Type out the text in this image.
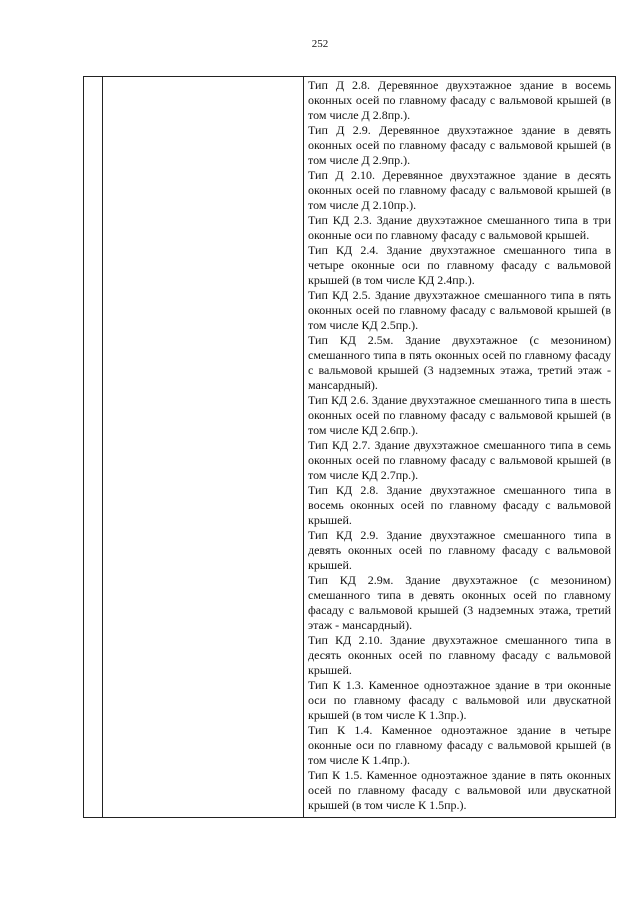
252

Тип Д 2.8. Деревянное двухэтажное здание в восемь оконных осей по главному фасаду с вальмовой крышей (в том числе Д 2.8пр.).

Тип Д 2.9. Деревянное двухэтажное здание в девять оконных осей по главному фасаду с вальмовой крышей (в том числе Д 2.9пр.).

Тип Д 2.10. Деревянное двухэтажное здание в десять оконных осей по главному фасаду с вальмовой крышей (в том числе Д 2.10пр.).

Тип КД 2.3. Здание двухэтажное смешанного типа в три оконные оси по главному фасаду с вальмовой крышей.

Тип КД 2.4. Здание двухэтажное смешанного типа в четыре оконные оси по главному фасаду с вальмовой крышей (в том числе КД 2.4пр.).

Тип КД 2.5. Здание двухэтажное смешанного типа в пять оконных осей по главному фасаду с вальмовой крышей (в том числе КД 2.5пр.).

Тип КД 2.5м. Здание двухэтажное (с мезонином) смешанного типа в пять оконных осей по главному фасаду с вальмовой крышей (3 надземных этажа, третий этаж - мансардный).

Тип КД 2.6. Здание двухэтажное смешанного типа в шесть оконных осей по главному фасаду с вальмовой крышей (в том числе КД 2.6пр.).

Тип КД 2.7. Здание двухэтажное смешанного типа в семь оконных осей по главному фасаду с вальмовой крышей (в том числе КД 2.7пр.).

Тип КД 2.8. Здание двухэтажное смешанного типа в восемь оконных осей по главному фасаду с вальмовой крышей.

Тип КД 2.9. Здание двухэтажное смешанного типа в девять оконных осей по главному фасаду с вальмовой крышей.

Тип КД 2.9м. Здание двухэтажное (с мезонином) смешанного типа в девять оконных осей по главному фасаду с вальмовой крышей (3 надземных этажа, третий этаж - мансардный).

Тип КД 2.10. Здание двухэтажное смешанного типа в десять оконных осей по главному фасаду с вальмовой крышей.

Тип К 1.3. Каменное одноэтажное здание в три оконные оси по главному фасаду с вальмовой или двускатной крышей (в том числе К 1.3пр.).

Тип К 1.4. Каменное одноэтажное здание в четыре оконные оси по главному фасаду с вальмовой крышей (в том числе К 1.4пр.).

Тип К 1.5. Каменное одноэтажное здание в пять оконных осей по главному фасаду с вальмовой или двускатной крышей (в том числе К 1.5пр.).
